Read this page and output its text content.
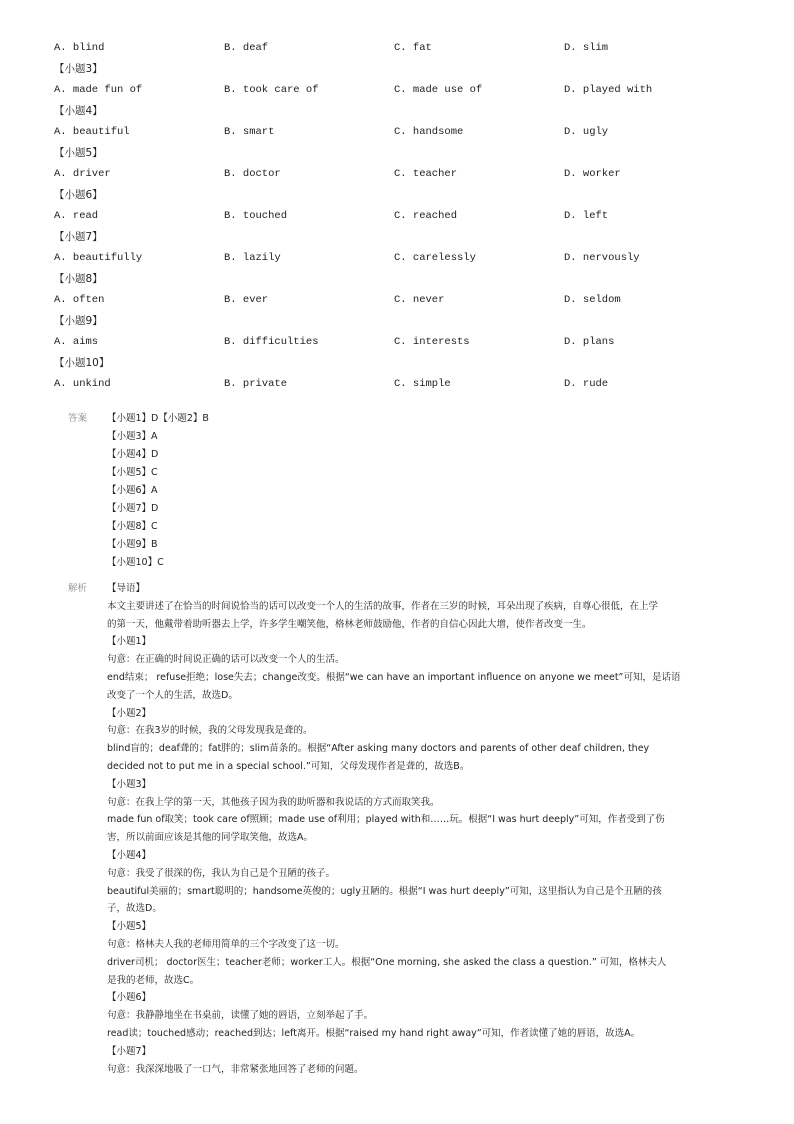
A. blind	B. deaf	C. fat	D. slim
【小题3】
A. made fun of	B. took care of	C. made use of	D. played with
【小题4】
A. beautiful	B. smart	C. handsome	D. ugly
【小题5】
A. driver	B. doctor	C. teacher	D. worker
【小题6】
A. read	B. touched	C. reached	D. left
【小题7】
A. beautifully	B. lazily	C. carelessly	D. nervously
【小题8】
A. often	B. ever	C. never	D. seldom
【小题9】
A. aims	B. difficulties	C. interests	D. plans
【小题10】
A. unkind	B. private	C. simple	D. rude
答案 【小题1】D【小题2】B
【小题3】A
【小题4】D
【小题5】C
【小题6】A
【小题7】D
【小题8】C
【小题9】B
【小题10】C
解析 【导语】
本文主要讲述了在恰当的时间说恰当的话可以改变一个人的生活的故事，作者在三岁的时候，耳朵出现了疾病，自尊心很低，在上学
的第一天，他戴带着助听器去上学，许多学生嘲笑他，格林老师鼓励他，作者的自信心因此大增，使作者改变一生。
【小题1】
句意：在正确的时间说正确的话可以改变一个人的生活。
end结束； refuse拒绝；lose失去；change改变。根据“we can have an important influence on anyone we meet”可知，是话语
改变了一个人的生活，故选D。
【小题2】
句意：在我3岁的时候，我的父母发现我是聋的。
blind盲的；deaf聋的；fat胖的；slim苗条的。根据“After asking many doctors and parents of other deaf children, they
decided not to put me in a special school.”可知，父母发现作者是聋的，故选B。
【小题3】
句意：在我上学的第一天，其他孩子因为我的助听器和我说话的方式而取笑我。
made fun of取笑；took care of照顾；made use of利用；played with和……玩。根据“I was hurt deeply”可知，作者受到了伤
害，所以前面应该是其他的同学取笑他，故选A。
【小题4】
句意：我受了很深的伤，我认为自己是个丑陋的孩子。
beautiful美丽的；smart聪明的；handsome英俊的；ugly丑陋的。根据“I was hurt deeply”可知，这里指认为自己是个丑陋的孩
子，故选D。
【小题5】
句意：格林夫人我的老师用简单的三个字改变了这一切。
driver司机； doctor医生；teacher老师；worker工人。根据“One morning, she asked the class a question.” 可知，格林夫人
是我的老师，故选C。
【小题6】
句意：我静静地坐在书桌前，读懂了她的唇语，立刻举起了手。
read读；touched感动；reached到达；left离开。根据“raised my hand right away”可知，作者读懂了她的唇语，故选A。
【小题7】
句意：我深深地吸了一口气，非常紧张地回答了老师的问题。
